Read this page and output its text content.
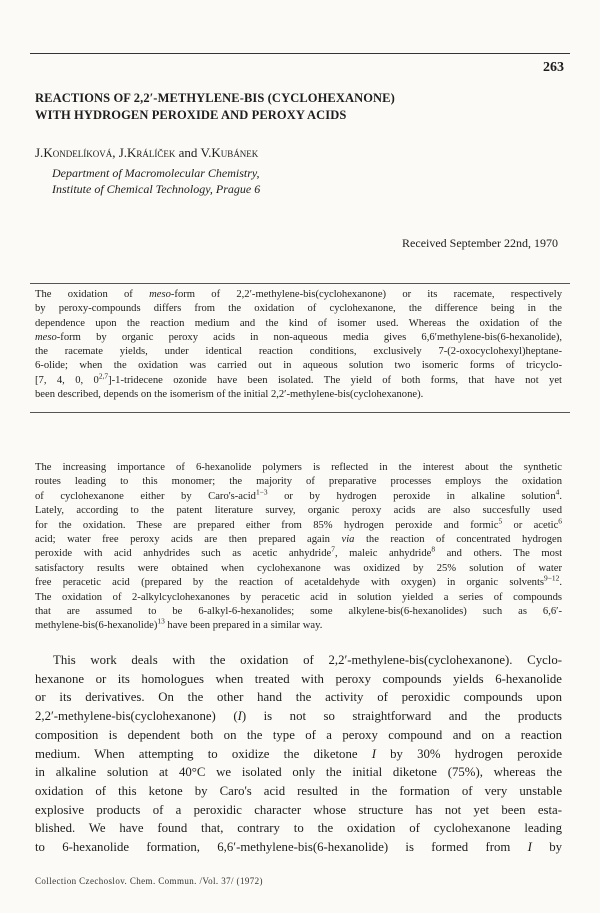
263
REACTIONS OF 2,2′-METHYLENE-BIS (CYCLOHEXANONE)
WITH HYDROGEN PEROXIDE AND PEROXY ACIDS
J.Kondelíková, J.Králíček and V.Kubánek
Department of Macromolecular Chemistry,
Institute of Chemical Technology, Prague 6
Received September 22nd, 1970
The oxidation of meso-form of 2,2′-methylene-bis(cyclohexanone) or its racemate, respectively
by peroxy-compounds differs from the oxidation of cyclohexanone, the difference being in the
dependence upon the reaction medium and the kind of isomer used. Whereas the oxidation of the
meso-form by organic peroxy acids in non-aqueous media gives 6,6′methylene-bis(6-hexanolide),
the racemate yields, under identical reaction conditions, exclusively 7-(2-oxocyclohexyl)heptane-
6-olide; when the oxidation was carried out in aqueous solution two isomeric forms of tricyclo-
[7, 4, 0, 0$^{2,7}$]-1-tridecene ozonide have been isolated. The yield of both forms, that have not yet
been described, depends on the isomerism of the initial 2,2′-methylene-bis(cyclohexanone).
The increasing importance of 6-hexanolide polymers is reflected in the interest about the synthetic
routes leading to this monomer; the majority of preparative processes employs the oxidation
of cyclohexanone either by Caro's-acid$^{1-3}$ or by hydrogen peroxide in alkaline solution$^4$.
Lately, according to the patent literature survey, organic peroxy acids are also succesfully used
for the oxidation. These are prepared either from 85% hydrogen peroxide and formic$^5$ or acetic$^6$
acid; water free peroxy acids are then prepared again via the reaction of concentrated hydrogen
peroxide with acid anhydrides such as acetic anhydride$^7$, maleic anhydride$^8$ and others. The most
satisfactory results were obtained when cyclohexanone was oxidized by 25% solution of water
free peracetic acid (prepared by the reaction of acetaldehyde with oxygen) in organic solvents$^{9-12}$.
The oxidation of 2-alkylcyclohexanones by peracetic acid in solution yielded a series of compounds
that are assumed to be 6-alkyl-6-hexanolides; some alkylene-bis(6-hexanolides) such as 6,6′-
methylene-bis(6-hexanolide)$^{13}$ have been prepared in a similar way.
This work deals with the oxidation of 2,2′-methylene-bis(cyclohexanone). Cyclo-
hexanone or its homologues when treated with peroxy compounds yields 6-hexanolide
or its derivatives. On the other hand the activity of peroxidic compounds upon
2,2′-methylene-bis(cyclohexanone) (I) is not so straightforward and the products
composition is dependent both on the type of a peroxy compound and on a reaction
medium. When attempting to oxidize the diketone I by 30% hydrogen peroxide
in alkaline solution at 40°C we isolated only the initial diketone (75%), whereas the
oxidation of this ketone by Caro's acid resulted in the formation of very unstable
explosive products of a peroxidic character whose structure has not yet been esta-
blished. We have found that, contrary to the oxidation of cyclohexanone leading
to 6-hexanolide formation, 6,6′-methylene-bis(6-hexanolide) is formed from I by
Collection Czechoslov. Chem. Commun. /Vol. 37/ (1972)
